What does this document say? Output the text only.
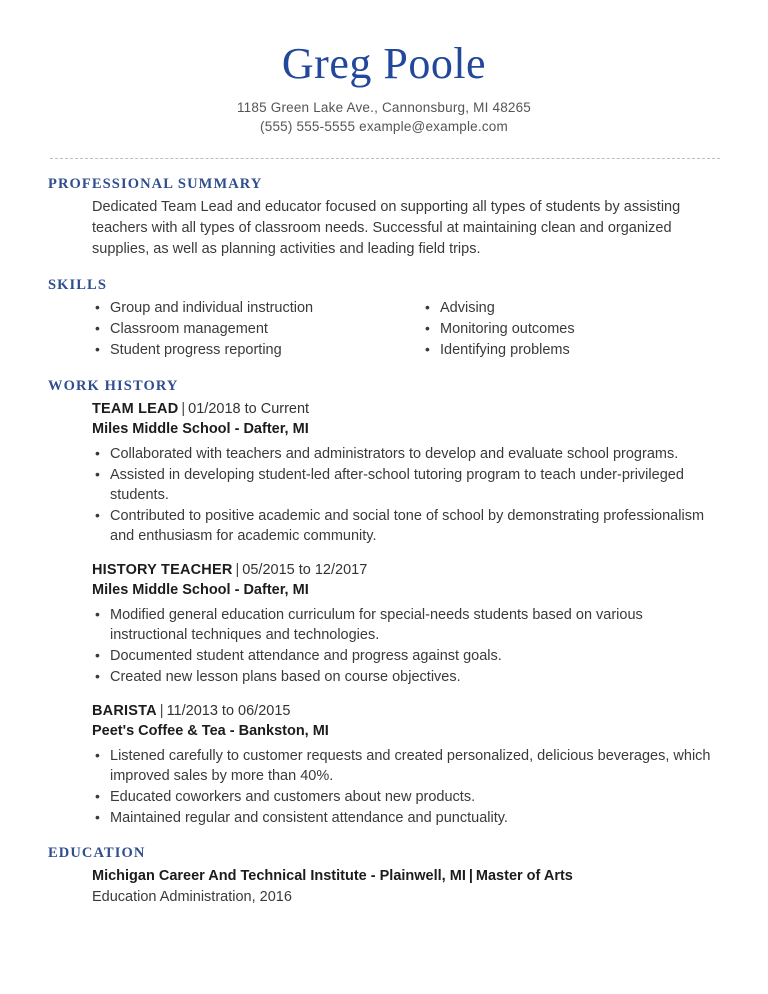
Greg Poole
1185 Green Lake Ave., Cannonsburg, MI 48265
(555) 555-5555 example@example.com
PROFESSIONAL SUMMARY

Dedicated Team Lead and educator focused on supporting all types of students by assisting teachers with all types of classroom needs. Successful at maintaining clean and organized supplies, as well as planning activities and leading field trips.

SKILLS
• Group and individual instruction
• Classroom management
• Student progress reporting
• Advising
• Monitoring outcomes
• Identifying problems
WORK HISTORY
TEAM LEAD | 01/2018 to Current
Miles Middle School - Dafter, MI
• Collaborated with teachers and administrators to develop and evaluate school programs.
• Assisted in developing student-led after-school tutoring program to teach under-privileged students.
• Contributed to positive academic and social tone of school by demonstrating professionalism and enthusiasm for academic community.
HISTORY TEACHER | 05/2015 to 12/2017
Miles Middle School - Dafter, MI
• Modified general education curriculum for special-needs students based on various instructional techniques and technologies.
• Documented student attendance and progress against goals.
• Created new lesson plans based on course objectives.
BARISTA | 11/2013 to 06/2015
Peet's Coffee & Tea - Bankston, MI
• Listened carefully to customer requests and created personalized, delicious beverages, which improved sales by more than 40%.
• Educated coworkers and customers about new products.
• Maintained regular and consistent attendance and punctuality.
EDUCATION
Michigan Career And Technical Institute - Plainwell, MI | Master of Arts
Education Administration, 2016
